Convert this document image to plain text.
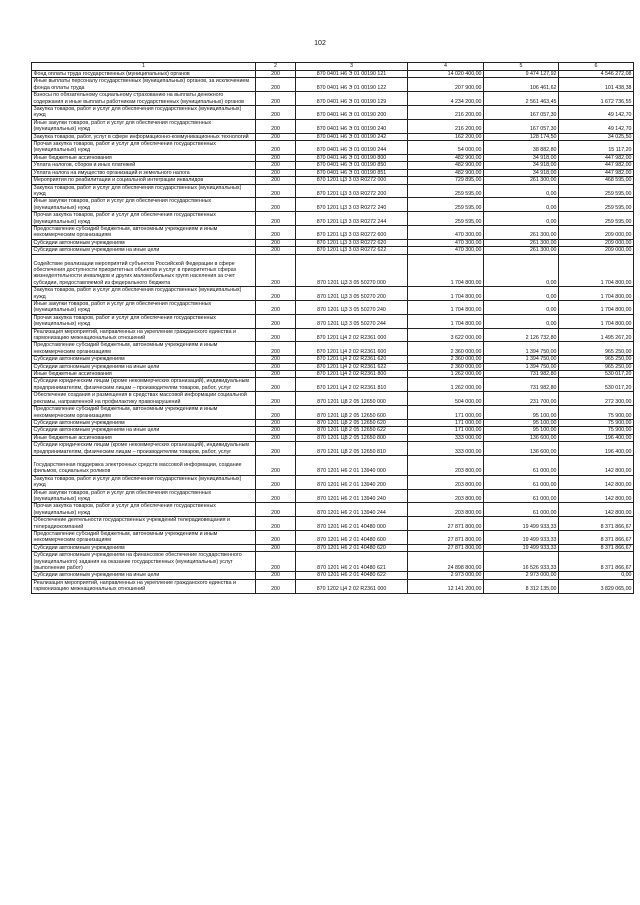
102
1	2	3	4	5	6

Фонд оплаты труда государственных (муниципальных) органов	200	870 0401 Н6 Э 01 00190 121	14 020 400,00	9 474 127,92	4 546 272,08

Иные выплаты персоналу государственных (муниципальных) органов, за исключением фонда оплаты труда	200	870 0401 Н6 Э 01 00190 122	207 900,00	106 461,62	101 438,38

Взносы по обязательному социальному страхованию на выплаты денежного содержания и иные выплаты работникам государственных (муниципальных) органов	200	870 0401 Н6 Э 01 00190 129	4 234 200,00	2 561 463,45	1 672 736,55

Закупка товаров, работ и услуг для обеспечения государственных (муниципальных) нужд	200	870 0401 Н6 Э 01 00190 200	216 200,00	167 057,30	49 142,70

Иные закупки товаров, работ и услуг для обеспечения государственных (муниципальных) нужд	200	870 0401 Н6 Э 01 00190 240	216 200,00	167 057,30	49 142,70

Закупка товаров, работ, услуг в сфере информационно-коммуникационных технологий	200	870 0401 Н6 Э 01 00190 242	162 200,00	128 174,50	34 025,50

Прочая закупка товаров, работ и услуг для обеспечения государственных (муниципальных) нужд	200	870 0401 Н6 Э 01 00190 244	54 000,00	38 882,80	15 117,20

Иные бюджетные ассигнования	200	870 0401 Н6 Э 01 00190 800	482 900,00	34 918,00	447 982,00

Уплата налогов, сборов и иных платежей	200	870 0401 Н6 Э 01 00190 850	482 900,00	34 918,00	447 982,00

Уплата налога на имущество организаций и земельного налога	200	870 0401 Н6 Э 01 00190 851	482 900,00	34 918,00	447 982,00

Мероприятия по реабилитации и социальной интеграции инвалидов	200	870 1201 Ц3 3 03 R0272 000	729 895,00	261 300,00	468 595,00

Закупка товаров, работ и услуг для обеспечения государственных (муниципальных) нужд	200	870 1201 Ц3 3 03 R0272 200	259 595,00	0,00	259 595,00

Иные закупки товаров, работ и услуг для обеспечения государственных (муниципальных) нужд	200	870 1201 Ц3 3 03 R0272 240	259 595,00	0,00	259 595,00

Прочая закупка товаров, работ и услуг для обеспечения государственных (муниципальных) нужд	200	870 1201 Ц3 3 03 R0272 244	259 595,00	0,00	259 595,00

Предоставление субсидий бюджетным, автономным учреждениям и иным некоммерческим организациям	200	870 1201 Ц3 3 03 R0272 600	470 300,00	261 300,00	209 000,00

Субсидии автономным учреждениям	200	870 1201 Ц3 3 03 R0272 620	470 300,00	261 300,00	209 000,00

Субсидии автономным учреждениям на иные цели	200	870 1201 Ц3 3 03 R0272 622	470 300,00	261 300,00	209 000,00

Содействие реализации мероприятий субъектов Российской Федерации в сфере обеспечения доступности приоритетных объектов и услуг в приоритетных сферах жизнедеятельности инвалидов и других маломобильных групп населения за счет субсидии, предоставляемой из федерального бюджета	200	870 1201 Ц3 3 05 50270 000	1 704 800,00	0,00	1 704 800,00

Закупка товаров, работ и услуг для обеспечения государственных (муниципальных) нужд	200	870 1201 Ц3 3 05 50270 200	1 704 800,00	0,00	1 704 800,00

Иные закупки товаров, работ и услуг для обеспечения государственных (муниципальных) нужд	200	870 1201 Ц3 3 05 50270 240	1 704 800,00	0,00	1 704 800,00

Прочая закупка товаров, работ и услуг для обеспечения государственных (муниципальных) нужд	200	870 1201 Ц3 3 05 50270 244	1 704 800,00	0,00	1 704 800,00

Реализация мероприятий, направленных на укрепление гражданского единства и гармонизацию межнациональных отношений	200	870 1201 Ц4 2 02 R2361 000	3 622 000,00	2 126 732,80	1 495 267,20

Предоставление субсидий бюджетным, автономным учреждениям и иным некоммерческим организациям	200	870 1201 Ц4 2 02 R2361 600	2 360 000,00	1 394 750,00	965 250,00

Субсидии автономным учреждениям	200	870 1201 Ц4 2 02 R2361 620	2 360 000,00	1 394 750,00	965 250,00

Субсидии автономным учреждениям на иные цели	200	870 1201 Ц4 2 02 R2361 622	2 360 000,00	1 394 750,00	965 250,00

Иные бюджетные ассигнования	200	870 1201 Ц4 2 02 R2361 800	1 262 000,00	731 982,80	530 017,20

Субсидии юридическим лицам (кроме некоммерческих организаций), индивидуальным предпринимателям, физическим лицам – производителям товаров, работ, услуг	200	870 1201 Ц4 2 02 R2361 810	1 262 000,00	731 982,80	530 017,20

Обеспечение создания и размещения в средствах массовой информации социальной рекламы, направленной на профилактику правонарушений	200	870 1201 Ц8 2 05 12650 000	504 000,00	231 700,00	272 300,00

Предоставление субсидий бюджетным, автономным учреждениям и иным некоммерческим организациям	200	870 1201 Ц8 2 05 12650 600	171 000,00	95 100,00	75 900,00

Субсидии автономным учреждениям	200	870 1201 Ц8 2 05 12650 620	171 000,00	95 100,00	75 900,00

Субсидии автономным учреждениям на иные цели	200	870 1201 Ц8 2 05 12650 622	171 000,00	95 100,00	75 900,00

Иные бюджетные ассигнования	200	870 1201 Ц8 2 05 12650 800	333 000,00	136 600,00	196 400,00

Субсидии юридическим лицам (кроме некоммерческих организаций), индивидуальным предпринимателям, физическим лицам – производителям товаров, работ, услуг	200	870 1201 Ц8 2 05 12650 810	333 000,00	136 600,00	196 400,00

Государственная поддержка электронных средств массовой информации, создание фильмов, социальных роликов	200	870 1201 Н6 2 01 13940 000	203 800,00	61 000,00	142 800,00

Закупка товаров, работ и услуг для обеспечения государственных (муниципальных) нужд	200	870 1201 Н6 2 01 13940 200	203 800,00	61 000,00	142 800,00

Иные закупки товаров, работ и услуг для обеспечения государственных (муниципальных) нужд	200	870 1201 Н6 2 01 13940 240	203 800,00	61 000,00	142 800,00

Прочая закупка товаров, работ и услуг для обеспечения государственных (муниципальных) нужд	200	870 1201 Н6 2 01 13940 244	203 800,00	61 000,00	142 800,00

Обеспечение деятельности государственных учреждений телерадиовещания и телерадиокомпаний	200	870 1201 Н6 2 01 40480 000	27 871 800,00	19 499 933,33	8 371 866,67

Предоставление субсидий бюджетным, автономным учреждениям и иным некоммерческим организациям	200	870 1201 Н6 2 01 40480 600	27 871 800,00	19 499 933,33	8 371 866,67

Субсидии автономным учреждениям	200	870 1201 Н6 2 01 40480 620	27 871 800,00	19 499 933,33	8 371 866,67

Субсидии автономным учреждениям на финансовое обеспечение государственного (муниципального) задания на оказание государственных (муниципальных) услуг (выполнение работ)	200	870 1201 Н6 2 01 40480 621	24 898 800,00	16 526 933,33	8 371 866,67

Субсидии автономным учреждениям на иные цели	200	870 1201 Н6 2 01 40480 622	2 973 000,00	2 973 000,00	0,00

Реализация мероприятий, направленных на укрепление гражданского единства и гармонизацию межнациональных отношений	200	870 1202 Ц4 2 02 R2361 000	12 141 200,00	8 312 135,00	3 829 065,00
